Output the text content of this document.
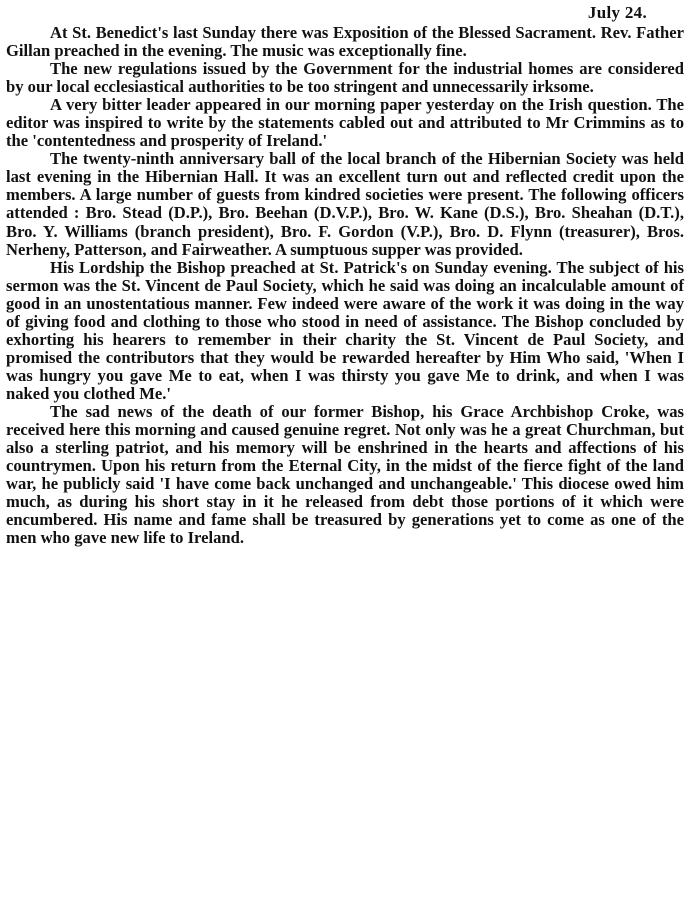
July 24.

At St. Benedict's last Sunday there was Exposition of the Blessed Sacrament. Rev. Father Gillan preached in the evening. The music was exceptionally fine.

The new regulations issued by the Government for the industrial homes are considered by our local ecclesiastical authorities to be too stringent and unnecessarily irksome.

A very bitter leader appeared in our morning paper yesterday on the Irish question. The editor was inspired to write by the statements cabled out and attributed to Mr Crimmins as to the 'contentedness and prosperity of Ireland.'

The twenty-ninth anniversary ball of the local branch of the Hibernian Society was held last evening in the Hibernian Hall. It was an excellent turn out and reflected credit upon the members. A large number of guests from kindred societies were present. The following officers attended : Bro. Stead (D.P.), Bro. Beehan (D.V.P.), Bro. W. Kane (D.S.), Bro. Sheahan (D.T.), Bro. Y. Williams (branch president), Bro. F. Gordon (V.P.), Bro. D. Flynn (treasurer), Bros. Nerheny, Patterson, and Fairweather. A sumptuous supper was provided.

His Lordship the Bishop preached at St. Patrick's on Sunday evening. The subject of his sermon was the St. Vincent de Paul Society, which he said was doing an incalculable amount of good in an unostentatious manner. Few indeed were aware of the work it was doing in the way of giving food and clothing to those who stood in need of assistance. The Bishop concluded by exhorting his hearers to remember in their charity the St. Vincent de Paul Society, and promised the contributors that they would be rewarded hereafter by Him Who said, 'When I was hungry you gave Me to eat, when I was thirsty you gave Me to drink, and when I was naked you clothed Me.'

The sad news of the death of our former Bishop, his Grace Archbishop Croke, was received here this morning and caused genuine regret. Not only was he a great Churchman, but also a sterling patriot, and his memory will be enshrined in the hearts and affections of his countrymen. Upon his return from the Eternal City, in the midst of the fierce fight of the land war, he publicly said 'I have come back unchanged and unchangeable.' This diocese owed him much, as during his short stay in it he released from debt those portions of it which were encumbered. His name and fame shall be treasured by generations yet to come as one of the men who gave new life to Ireland.
